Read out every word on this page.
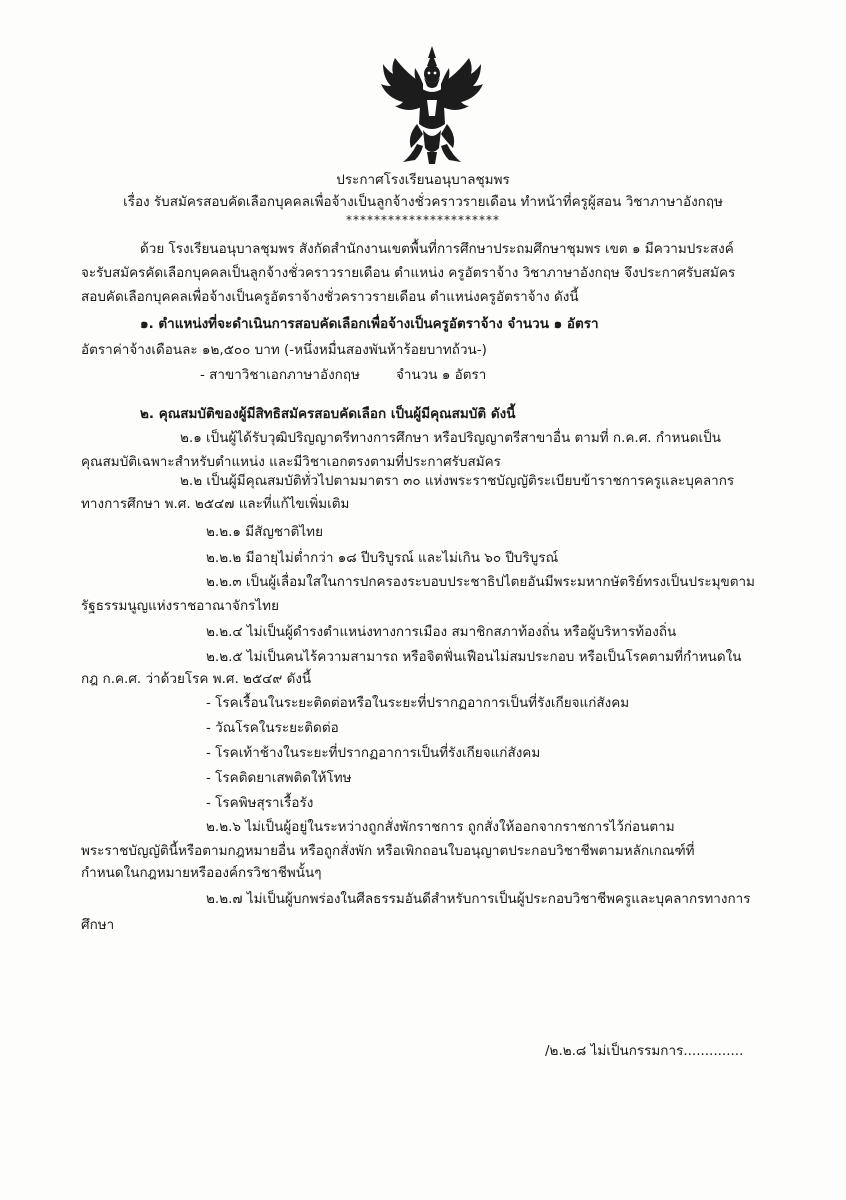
ประกาศโรงเรียนอนุบาลชุมพร
เรื่อง รับสมัครสอบคัดเลือกบุคคลเพื่อจ้างเป็นลูกจ้างชั่วคราวรายเดือน ทำหน้าที่ครูผู้สอน วิชาภาษาอังกฤษ
**********************
ด้วย โรงเรียนอนุบาลชุมพร สังกัดสำนักงานเขตพื้นที่การศึกษาประถมศึกษาชุมพร เขต ๑ มีความประสงค์
จะรับสมัครคัดเลือกบุคคลเป็นลูกจ้างชั่วคราวรายเดือน ตำแหน่ง ครูอัตราจ้าง วิชาภาษาอังกฤษ จึงประกาศรับสมัคร
สอบคัดเลือกบุคคลเพื่อจ้างเป็นครูอัตราจ้างชั่วคราวรายเดือน ตำแหน่งครูอัตราจ้าง ดังนี้
๑. ตำแหน่งที่จะดำเนินการสอบคัดเลือกเพื่อจ้างเป็นครูอัตราจ้าง จำนวน ๑ อัตรา
อัตราค่าจ้างเดือนละ ๑๒,๕๐๐ บาท (-หนึ่งหมื่นสองพันห้าร้อยบาทถ้วน-)
- สาขาวิชาเอกภาษาอังกฤษ	จำนวน ๑ อัตรา
๒. คุณสมบัติของผู้มีสิทธิสมัครสอบคัดเลือก เป็นผู้มีคุณสมบัติ ดังนี้
๒.๑ เป็นผู้ได้รับวุฒิปริญญาตรีทางการศึกษา หรือปริญญาตรีสาขาอื่น ตามที่ ก.ค.ศ. กำหนดเป็น
คุณสมบัติเฉพาะสำหรับตำแหน่ง และมีวิชาเอกตรงตามที่ประกาศรับสมัคร
๒.๒ เป็นผู้มีคุณสมบัติทั่วไปตามมาตรา ๓๐ แห่งพระราชบัญญัติระเบียบข้าราชการครูและบุคลากร
ทางการศึกษา พ.ศ. ๒๕๔๗ และที่แก้ไขเพิ่มเติม
๒.๒.๑ มีสัญชาติไทย
๒.๒.๒ มีอายุไม่ต่ำกว่า ๑๘ ปีบริบูรณ์ และไม่เกิน ๖๐ ปีบริบูรณ์
๒.๒.๓ เป็นผู้เลื่อมใสในการปกครองระบอบประชาธิปไตยอันมีพระมหากษัตริย์ทรงเป็นประมุขตาม
รัฐธรรมนูญแห่งราชอาณาจักรไทย
๒.๒.๔ ไม่เป็นผู้ดำรงตำแหน่งทางการเมือง สมาชิกสภาท้องถิ่น หรือผู้บริหารท้องถิ่น
๒.๒.๕ ไม่เป็นคนไร้ความสามารถ หรือจิตฟั่นเฟือนไม่สมประกอบ หรือเป็นโรคตามที่กำหนดใน
กฎ ก.ค.ศ. ว่าด้วยโรค พ.ศ. ๒๕๔๙ ดังนี้
- โรคเรื้อนในระยะติดต่อหรือในระยะที่ปรากฏอาการเป็นที่รังเกียจแก่สังคม
- วัณโรคในระยะติดต่อ
- โรคเท้าช้างในระยะที่ปรากฏอาการเป็นที่รังเกียจแก่สังคม
- โรคติดยาเสพติดให้โทษ
- โรคพิษสุราเรื้อรัง
๒.๒.๖ ไม่เป็นผู้อยู่ในระหว่างถูกสั่งพักราชการ ถูกสั่งให้ออกจากราชการไว้ก่อนตาม
พระราชบัญญัตินี้หรือตามกฎหมายอื่น หรือถูกสั่งพัก หรือเพิกถอนใบอนุญาตประกอบวิชาชีพตามหลักเกณฑ์ที่
กำหนดในกฎหมายหรือองค์กรวิชาชีพนั้นๆ
๒.๒.๗ ไม่เป็นผู้บกพร่องในศีลธรรมอันดีสำหรับการเป็นผู้ประกอบวิชาชีพครูและบุคลากรทางการ
ศึกษา
/๒.๒.๘ ไม่เป็นกรรมการ..............
